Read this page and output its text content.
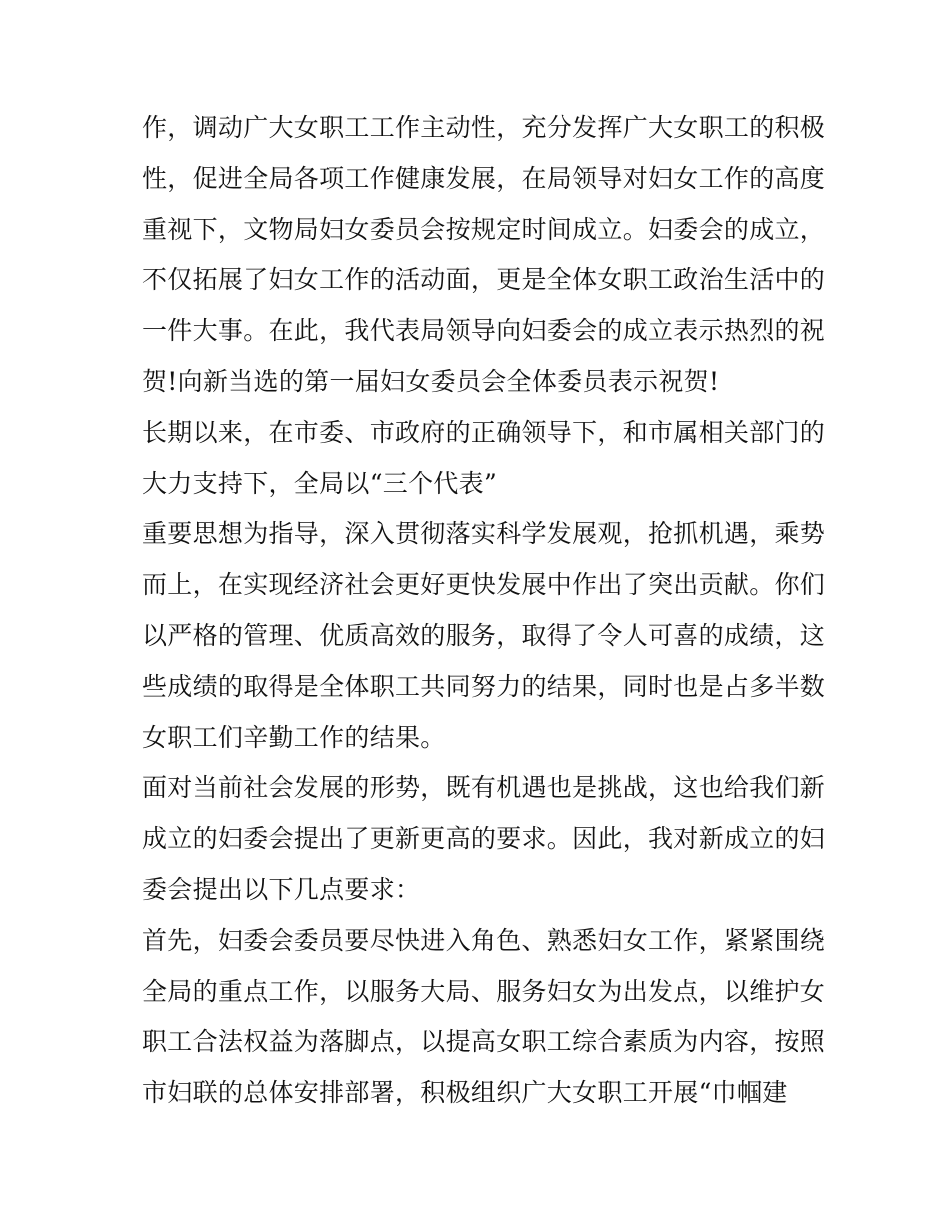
作，调动广大女职工工作主动性，充分发挥广大女职工的积极
性，促进全局各项工作健康发展，在局领导对妇女工作的高度
重视下，文物局妇女委员会按规定时间成立。妇委会的成立，
不仅拓展了妇女工作的活动面，更是全体女职工政治生活中的
一件大事。在此，我代表局领导向妇委会的成立表示热烈的祝
贺!向新当选的第一届妇女委员会全体委员表示祝贺!
长期以来，在市委、市政府的正确领导下，和市属相关部门的
大力支持下，全局以“三个代表”
重要思想为指导，深入贯彻落实科学发展观，抢抓机遇，乘势
而上，在实现经济社会更好更快发展中作出了突出贡献。你们
以严格的管理、优质高效的服务，取得了令人可喜的成绩，这
些成绩的取得是全体职工共同努力的结果，同时也是占多半数
女职工们辛勤工作的结果。
面对当前社会发展的形势，既有机遇也是挑战，这也给我们新
成立的妇委会提出了更新更高的要求。因此，我对新成立的妇
委会提出以下几点要求：
首先，妇委会委员要尽快进入角色、熟悉妇女工作，紧紧围绕
全局的重点工作，以服务大局、服务妇女为出发点，以维护女
职工合法权益为落脚点，以提高女职工综合素质为内容，按照
市妇联的总体安排部署，积极组织广大女职工开展“巾帼建
